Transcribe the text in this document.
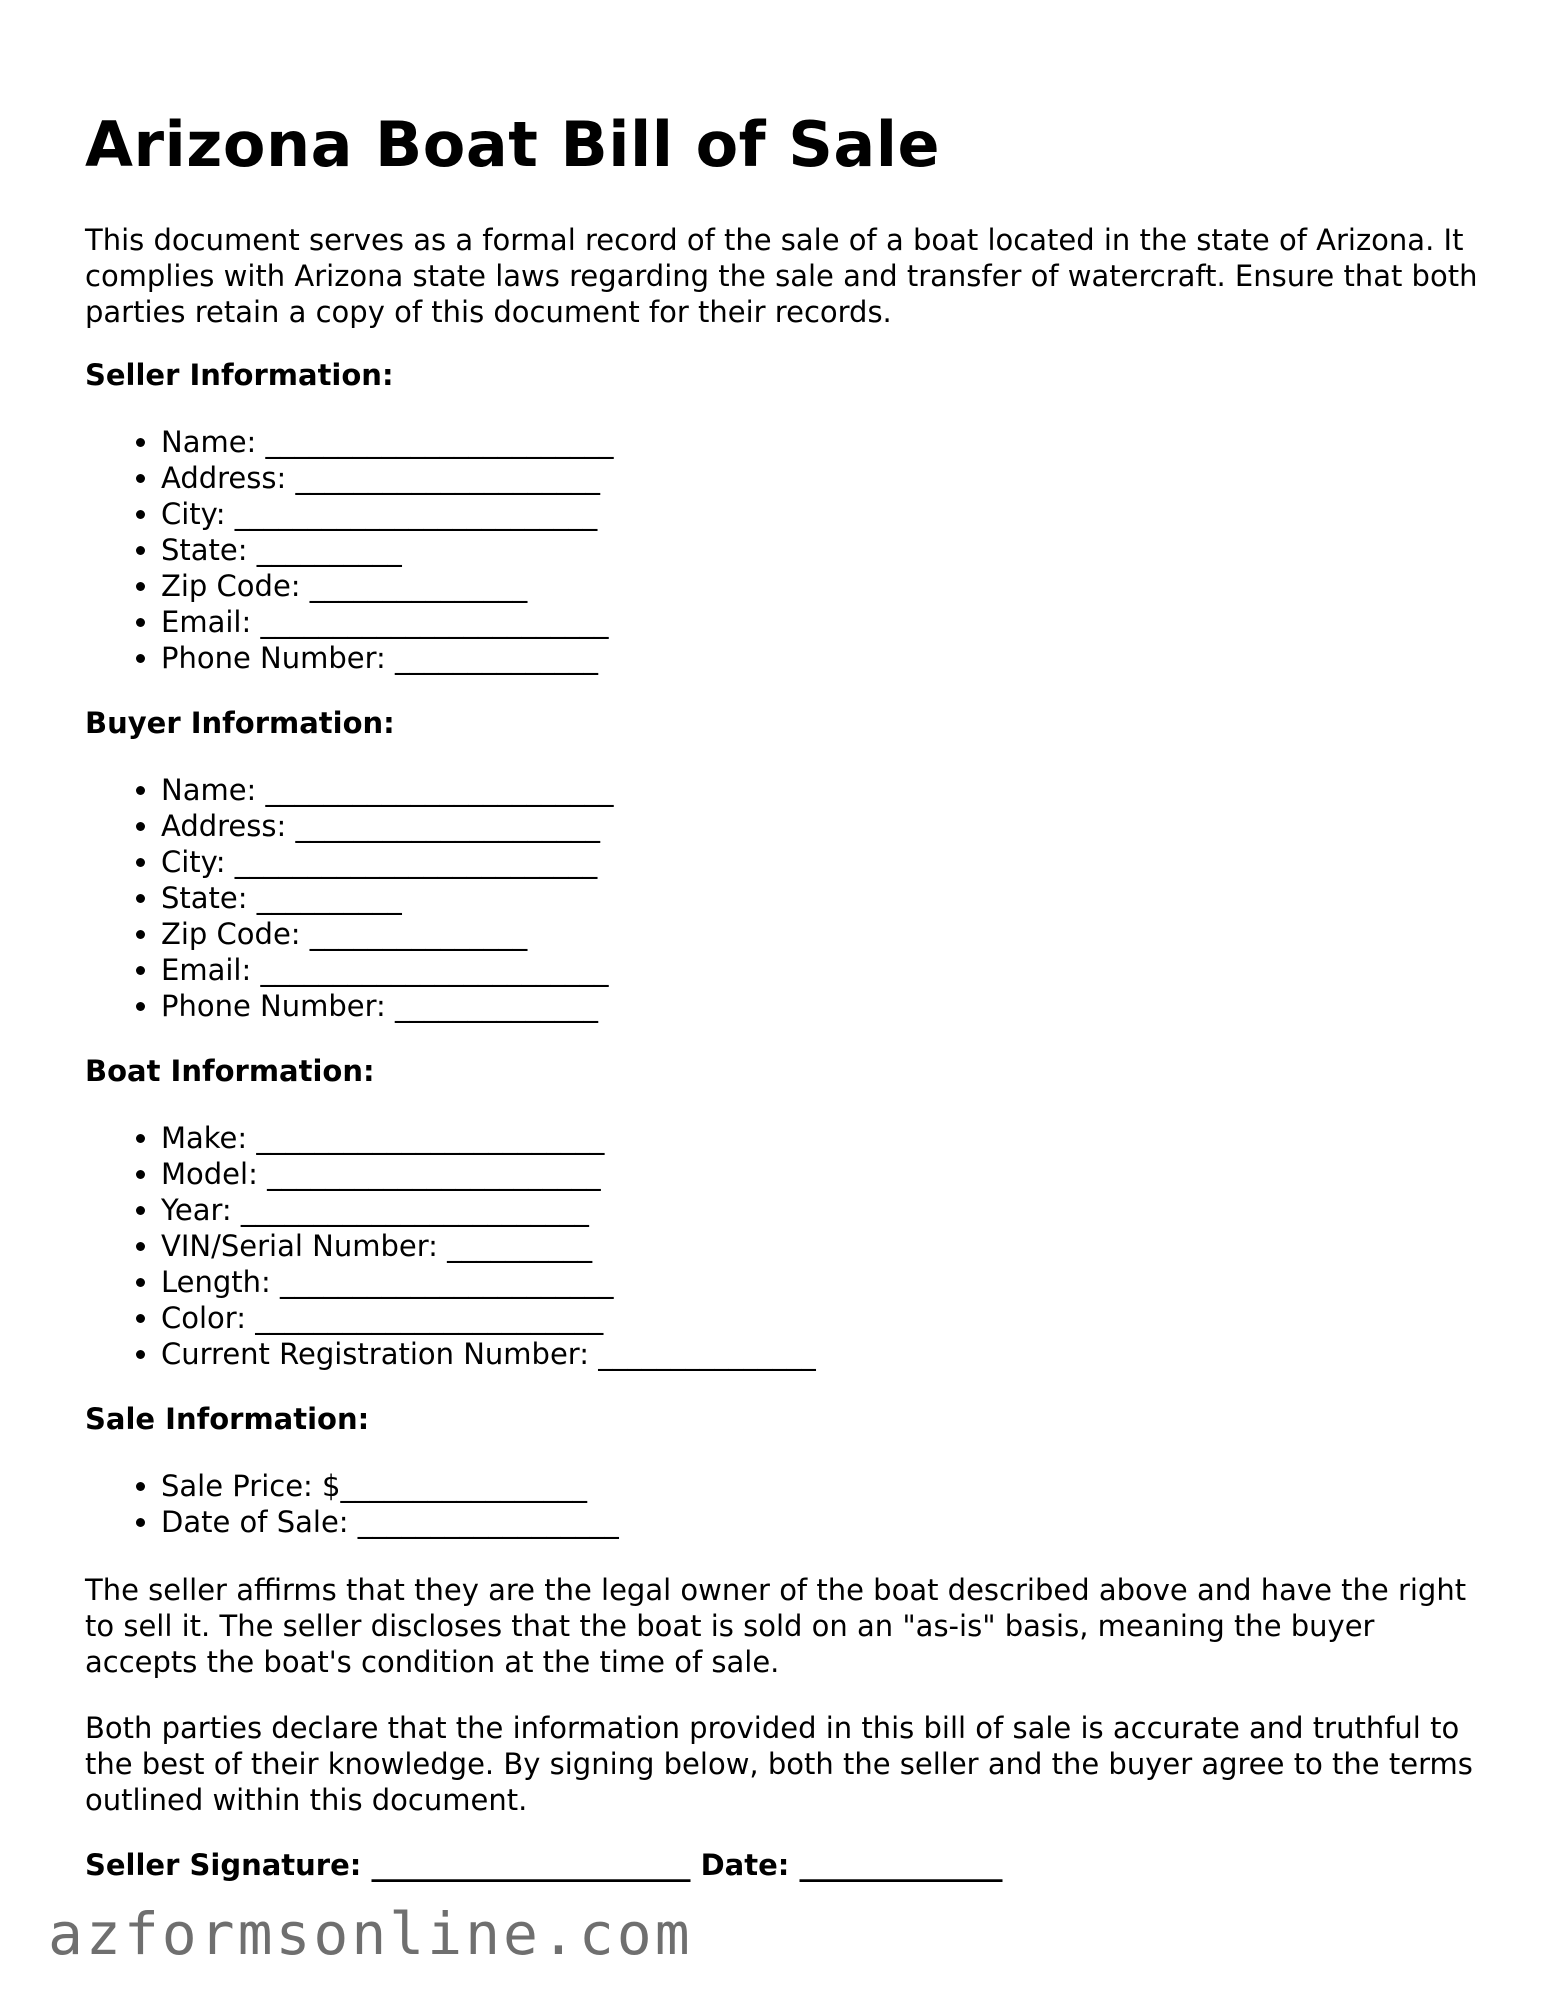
Arizona Boat Bill of Sale

This document serves as a formal record of the sale of a boat located in the state of Arizona. It complies with Arizona state laws regarding the sale and transfer of watercraft. Ensure that both parties retain a copy of this document for their records.

Seller Information:

• Name: ________________________
• Address: _____________________
• City: _________________________
• State: __________
• Zip Code: _______________
• Email: ________________________
• Phone Number: ______________

Buyer Information:

• Name: ________________________
• Address: _____________________
• City: _________________________
• State: __________
• Zip Code: _______________
• Email: ________________________
• Phone Number: ______________

Boat Information:

• Make: ________________________
• Model: _______________________
• Year: ________________________
• VIN/Serial Number: __________
• Length: _______________________
• Color: ________________________
• Current Registration Number: _______________

Sale Information:

• Sale Price: $_________________
• Date of Sale: __________________

The seller affirms that they are the legal owner of the boat described above and have the right to sell it. The seller discloses that the boat is sold on an "as-is" basis, meaning the buyer accepts the boat's condition at the time of sale.

Both parties declare that the information provided in this bill of sale is accurate and truthful to the best of their knowledge. By signing below, both the seller and the buyer agree to the terms outlined within this document.

Seller Signature: ______________________ Date: ______________
azformsonline.com
